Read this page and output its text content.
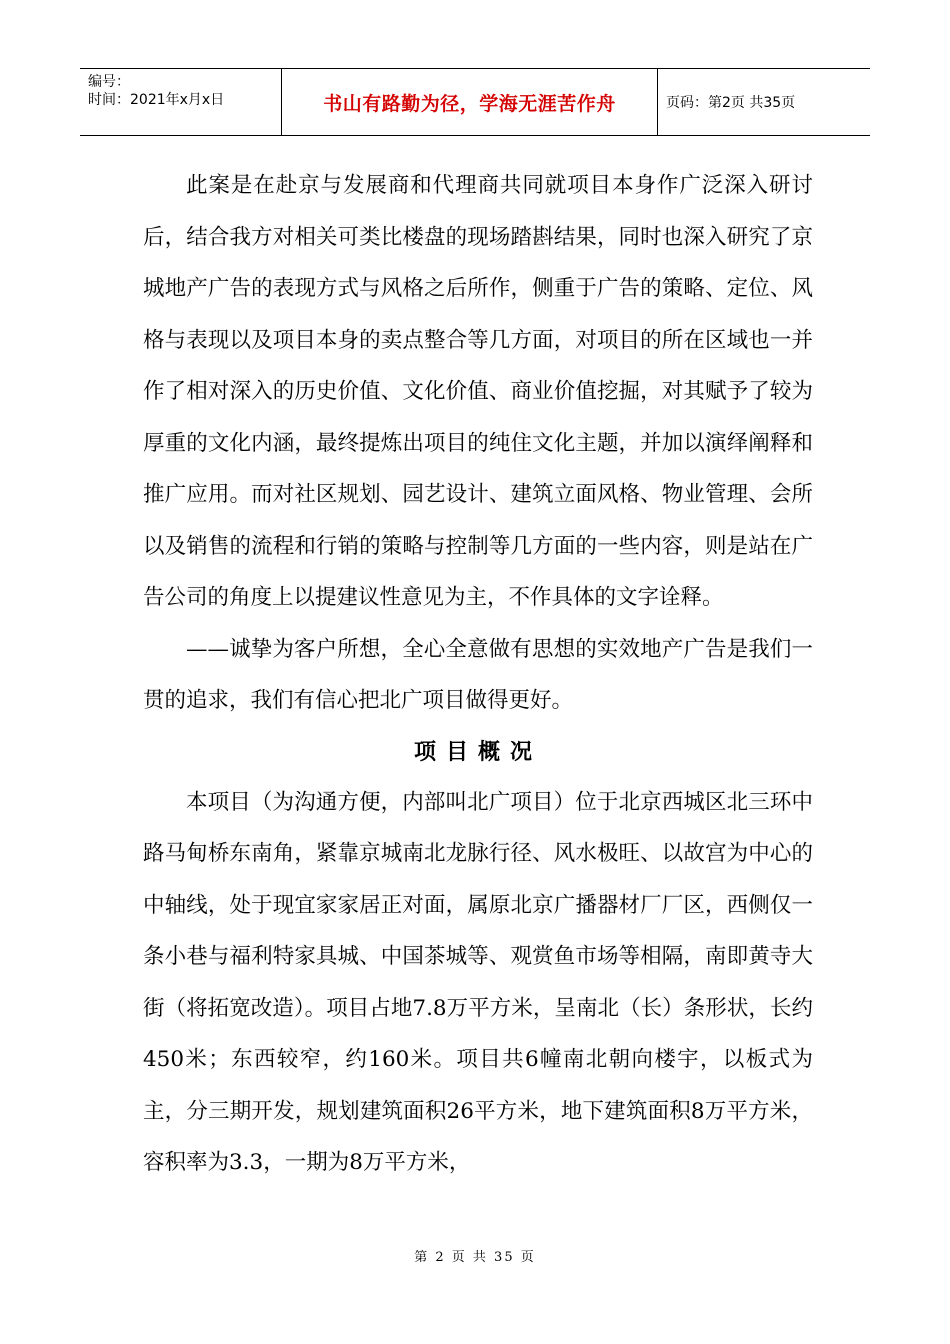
编号：
时间：2021年x月x日	书山有路勤为径，学海无涯苦作舟	页码：第2页 共35页

此案是在赴京与发展商和代理商共同就项目本身作广泛深入研讨后，结合我方对相关可类比楼盘的现场踏斟结果，同时也深入研究了京城地产广告的表现方式与风格之后所作，侧重于广告的策略、定位、风格与表现以及项目本身的卖点整合等几方面，对项目的所在区域也一并作了相对深入的历史价值、文化价值、商业价值挖掘，对其赋予了较为厚重的文化内涵，最终提炼出项目的纯住文化主题，并加以演绎阐释和推广应用。而对社区规划、园艺设计、建筑立面风格、物业管理、会所以及销售的流程和行销的策略与控制等几方面的一些内容，则是站在广告公司的角度上以提建议性意见为主，不作具体的文字诠释。

——诚挚为客户所想，全心全意做有思想的实效地产广告是我们一贯的追求，我们有信心把北广项目做得更好。

项目概况

本项目（为沟通方便，内部叫北广项目）位于北京西城区北三环中路马甸桥东南角，紧靠京城南北龙脉行径、风水极旺、以故宫为中心的中轴线，处于现宜家家居正对面，属原北京广播器材厂厂区，西侧仅一条小巷与福利特家具城、中国茶城等、观赏鱼市场等相隔，南即黄寺大街（将拓宽改造）。项目占地7.8万平方米，呈南北（长）条形状，长约450米；东西较窄，约160米。项目共6幢南北朝向楼宇，以板式为主，分三期开发，规划建筑面积26平方米，地下建筑面积8万平方米，容积率为3.3，一期为8万平方米，

第 2 页 共 35 页
